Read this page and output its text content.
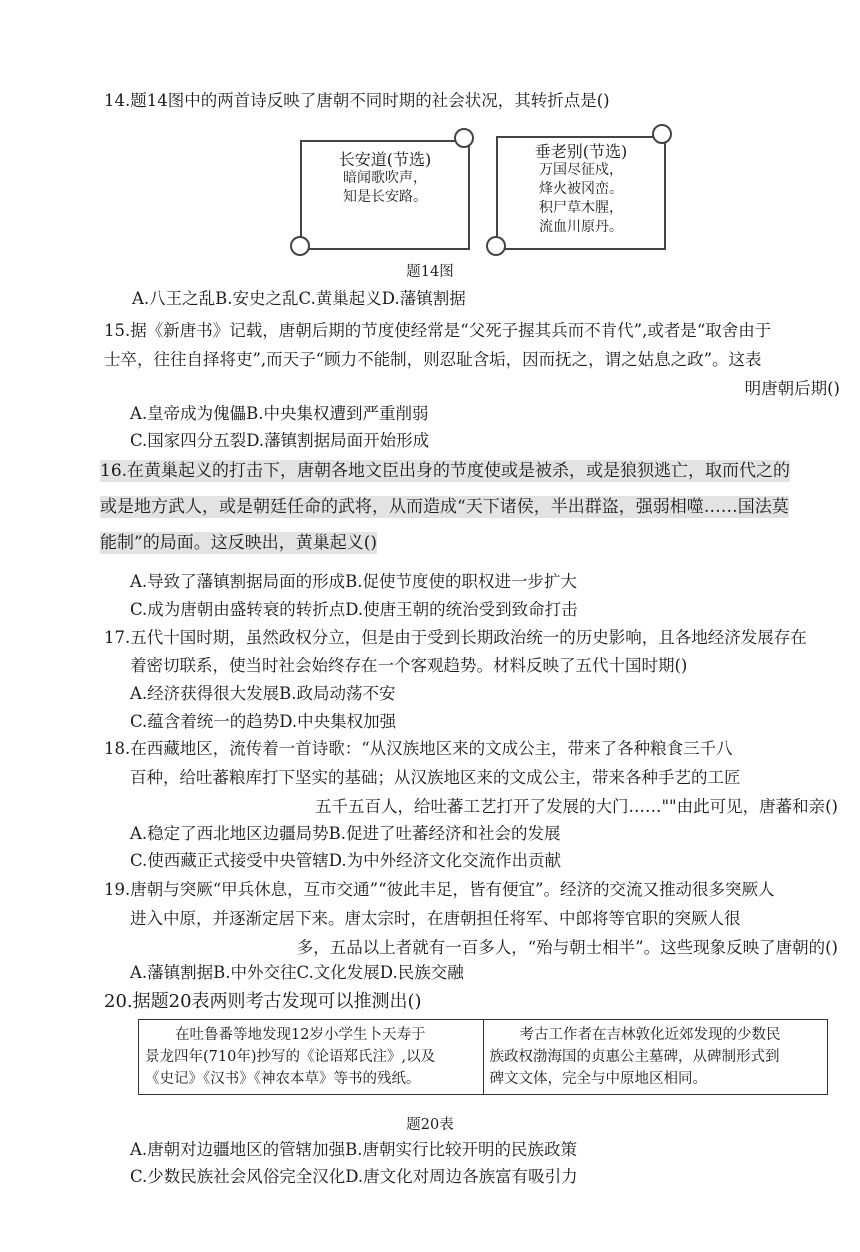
14.题14图中的两首诗反映了唐朝不同时期的社会状况，其转折点是()
长安道(节选)
暗闻歌吹声，
知是长安路。
垂老别(节选)
万国尽征戍，
烽火被冈峦。
积尸草木腥，
流血川原丹。
题14图
A.八王之乱B.安史之乱C.黄巢起义D.藩镇割据
15.据《新唐书》记载，唐朝后期的节度使经常是“父死子握其兵而不肯代”,或者是“取舍由于
士卒，往往自择将吏”,而天子“顾力不能制，则忍耻含垢，因而抚之，谓之姑息之政”。这表
明唐朝后期()
A.皇帝成为傀儡B.中央集权遭到严重削弱
C.国家四分五裂D.藩镇割据局面开始形成
16.在黄巢起义的打击下，唐朝各地文臣出身的节度使或是被杀，或是狼狈逃亡，取而代之的
或是地方武人，或是朝廷任命的武将，从而造成“天下诸侯，半出群盗，强弱相噬……国法莫
能制”的局面。这反映出，黄巢起义()
A.导致了藩镇割据局面的形成B.促使节度使的职权进一步扩大
C.成为唐朝由盛转衰的转折点D.使唐王朝的统治受到致命打击
17.五代十国时期，虽然政权分立，但是由于受到长期政治统一的历史影响，且各地经济发展存在
着密切联系，使当时社会始终存在一个客观趋势。材料反映了五代十国时期()
A.经济获得很大发展B.政局动荡不安
C.蕴含着统一的趋势D.中央集权加强
18.在西藏地区，流传着一首诗歌：“从汉族地区来的文成公主，带来了各种粮食三千八
百种，给吐蕃粮库打下坚实的基础；从汉族地区来的文成公主，带来各种手艺的工匠
五千五百人，给吐蕃工艺打开了发展的大门……""由此可见，唐蕃和亲()
A.稳定了西北地区边疆局势B.促进了吐蕃经济和社会的发展
C.使西藏正式接受中央管辖D.为中外经济文化交流作出贡献
19.唐朝与突厥“甲兵休息，互市交通”“彼此丰足，皆有便宜”。经济的交流又推动很多突厥人
进入中原，并逐渐定居下来。唐太宗时，在唐朝担任将军、中郎将等官职的突厥人很
多，五品以上者就有一百多人，“殆与朝士相半”。这些现象反映了唐朝的()
A.藩镇割据B.中外交往C.文化发展D.民族交融
20.据题20表两则考古发现可以推测出()
在吐鲁番等地发现12岁小学生卜天寿于
景龙四年(710年)抄写的《论语郑氏注》,以及
《史记》《汉书》《神农本草》等书的残纸。

考古工作者在吉林敦化近郊发现的少数民
族政权渤海国的贞惠公主墓碑，从碑制形式到
碑文文体，完全与中原地区相同。
题20表
A.唐朝对边疆地区的管辖加强B.唐朝实行比较开明的民族政策
C.少数民族社会风俗完全汉化D.唐文化对周边各族富有吸引力
